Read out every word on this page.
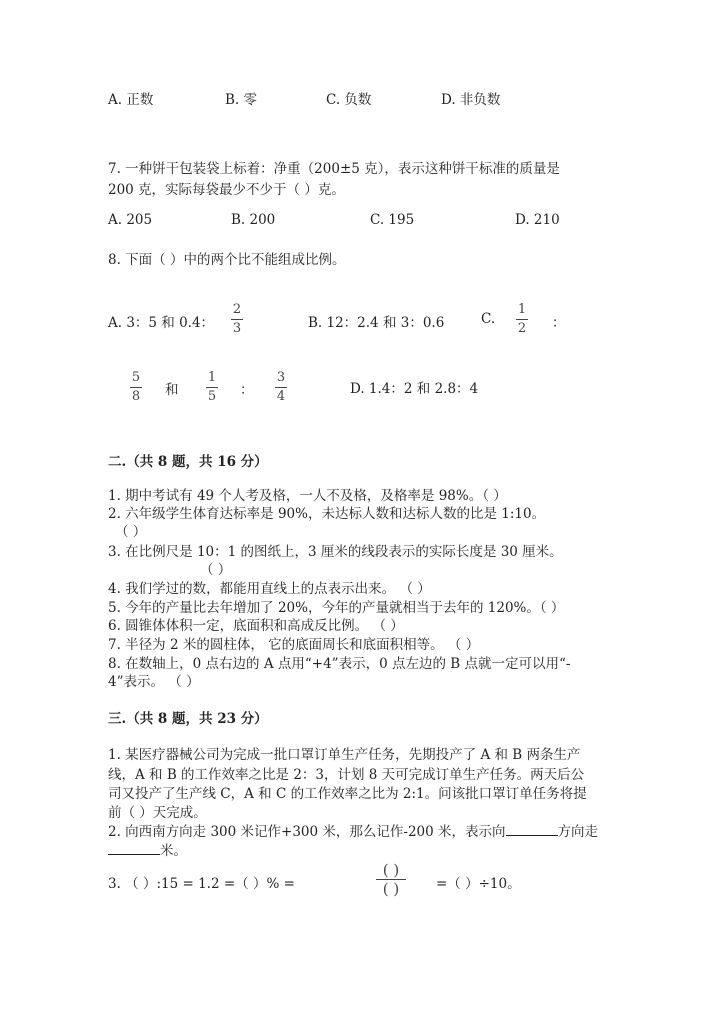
A. 正数	B. 零	C. 负数	D. 非负数
7. 一种饼干包装袋上标着：净重（200±5 克），表示这种饼干标准的质量是
200 克，实际每袋最少不少于（ ）克。
A. 205	B. 200	C. 195	D. 210
8. 下面（ ）中的两个比不能组成比例。
A. 3：5 和 0.4：
2
3	B. 12：2.4 和 3：0.6	C.
1
2 ：
5
8 和
1
5 ：
3
4	D. 1.4：2 和 2.8：4
二.（共 8 题，共 16 分）
1. 期中考试有 49 个人考及格，一人不及格，及格率是 98%。（ ）
2. 六年级学生体育达标率是 90%，未达标人数和达标人数的比是 1:10。
（ ）
3. 在比例尺是 10：1 的图纸上，3 厘米的线段表示的实际长度是 30 厘米。
（ ）
4. 我们学过的数，都能用直线上的点表示出来。 （ ）
5. 今年的产量比去年增加了 20%，今年的产量就相当于去年的 120%。（ ）
6. 圆锥体体积一定，底面积和高成反比例。 （ ）
7. 半径为 2 米的圆柱体， 它的底面周长和底面积相等。 （ ）
8. 在数轴上，0 点右边的 A 点用“+4”表示，0 点左边的 B 点就一定可以用“-
4”表示。 （ ）
三.（共 8 题，共 23 分）
1. 某医疗器械公司为完成一批口罩订单生产任务，先期投产了 A 和 B 两条生产
线，A 和 B 的工作效率之比是 2：3，计划 8 天可完成订单生产任务。两天后公
司又投产了生产线 C，A 和 C 的工作效率之比为 2:1。问该批口罩订单任务将提
前（ ）天完成。
2. 向西南方向走 300 米记作+300 米，那么记作-200 米，表示向	方向走
米。
3. （ ）:15 = 1.2 =（ ）% =
( )
( )	=（ ）÷10。
